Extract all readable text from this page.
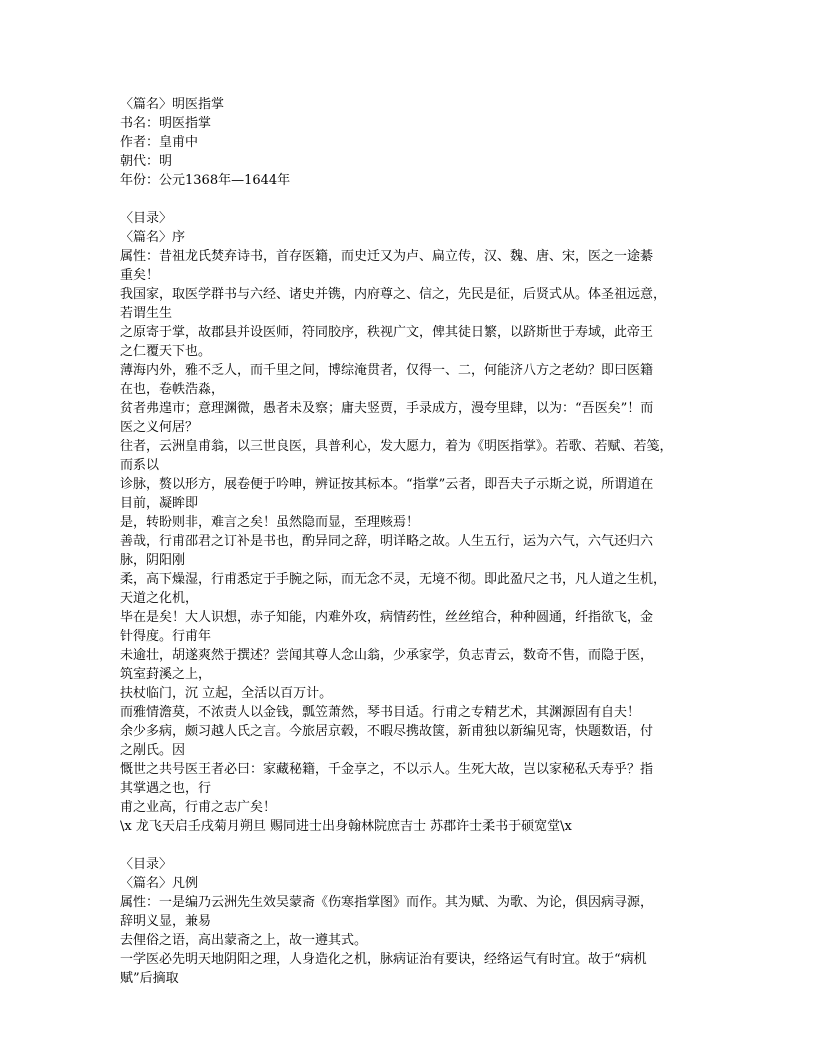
〈篇名〉明医指掌
书名：明医指掌
作者：皇甫中
朝代：明
年份：公元1368年—1644年
〈目录〉
〈篇名〉序
属性：昔祖龙氏焚弃诗书，首存医籍，而史迁又为卢、扁立传，汉、魏、唐、宋，医之一途綦
重矣！
我国家，取医学群书与六经、诸史并镌，内府尊之、信之，先民是征，后贤式从。体圣祖远意，
若谓生生
之原寄于掌，故郡县并设医师，符同胶序，秩视广文，俾其徒日繁，以跻斯世于寿域，此帝王
之仁覆天下也。
薄海内外，雅不乏人，而千里之间，博综淹贯者，仅得一、二，何能济八方之老幼？即曰医籍
在也，卷帙浩淼，
贫者弗遑市；意理渊微，愚者未及察；庸夫竖贾，手录成方，漫夸里肆，以为：“吾医矣”！而
医之义何居？
往者，云洲皇甫翁，以三世良医，具普利心，发大愿力，着为《明医指掌》。若歌、若赋、若笺，
而系以
诊脉，赘以形方，展卷便于吟呻，辨证按其标本。“指掌”云者，即吾夫子示斯之说，所谓道在
目前，凝眸即
是，转盼则非，难言之矣！虽然隐而显，至理赅焉！
善哉，行甫邵君之订补是书也，酌异同之辞，明详略之故。人生五行，运为六气，六气还归六
脉，阴阳刚
柔，高下燥湿，行甫悉定于手腕之际，而无念不灵，无境不彻。即此盈尺之书，凡人道之生机，
天道之化机，
毕在是矣！大人识想，赤子知能，内难外攻，病情药性，丝丝绾合，种种圆通，纤指欲飞，金
针得度。行甫年
未逾壮，胡遂爽然于撰述？尝闻其尊人念山翁，少承家学，负志青云，数奇不售，而隐于医，
筑室葑溪之上，
扶杖临门，沉 立起，全活以百万计。
而雅情澹莫，不浓责人以金钱，瓢笠萧然，琴书目适。行甫之专精艺术，其渊源固有自夫！
余少多病，颇习越人氏之言。今旅居京毂，不暇尽携故箧，新甫独以新编见寄，快题数语，付
之剐氏。因
慨世之共号医王者必曰：家藏秘籍，千金享之，不以示人。生死大故，岂以家秘私夭寿乎？指
其掌遇之也，行
甫之业高，行甫之志广矣！
\x 龙飞天启壬戌菊月朔旦 赐同进士出身翰林院庶吉士 苏郡许士柔书于硕宽堂\x
〈目录〉
〈篇名〉凡例
属性：一是编乃云洲先生效吴蒙斋《伤寒指掌图》而作。其为赋、为歌、为论，俱因病寻源，
辞明义显，兼易
去俚俗之语，高出蒙斋之上，故一遵其式。
一学医必先明天地阴阳之理，人身造化之机，脉病证治有要诀，经络运气有时宜。故于“病机
赋”后摘取
